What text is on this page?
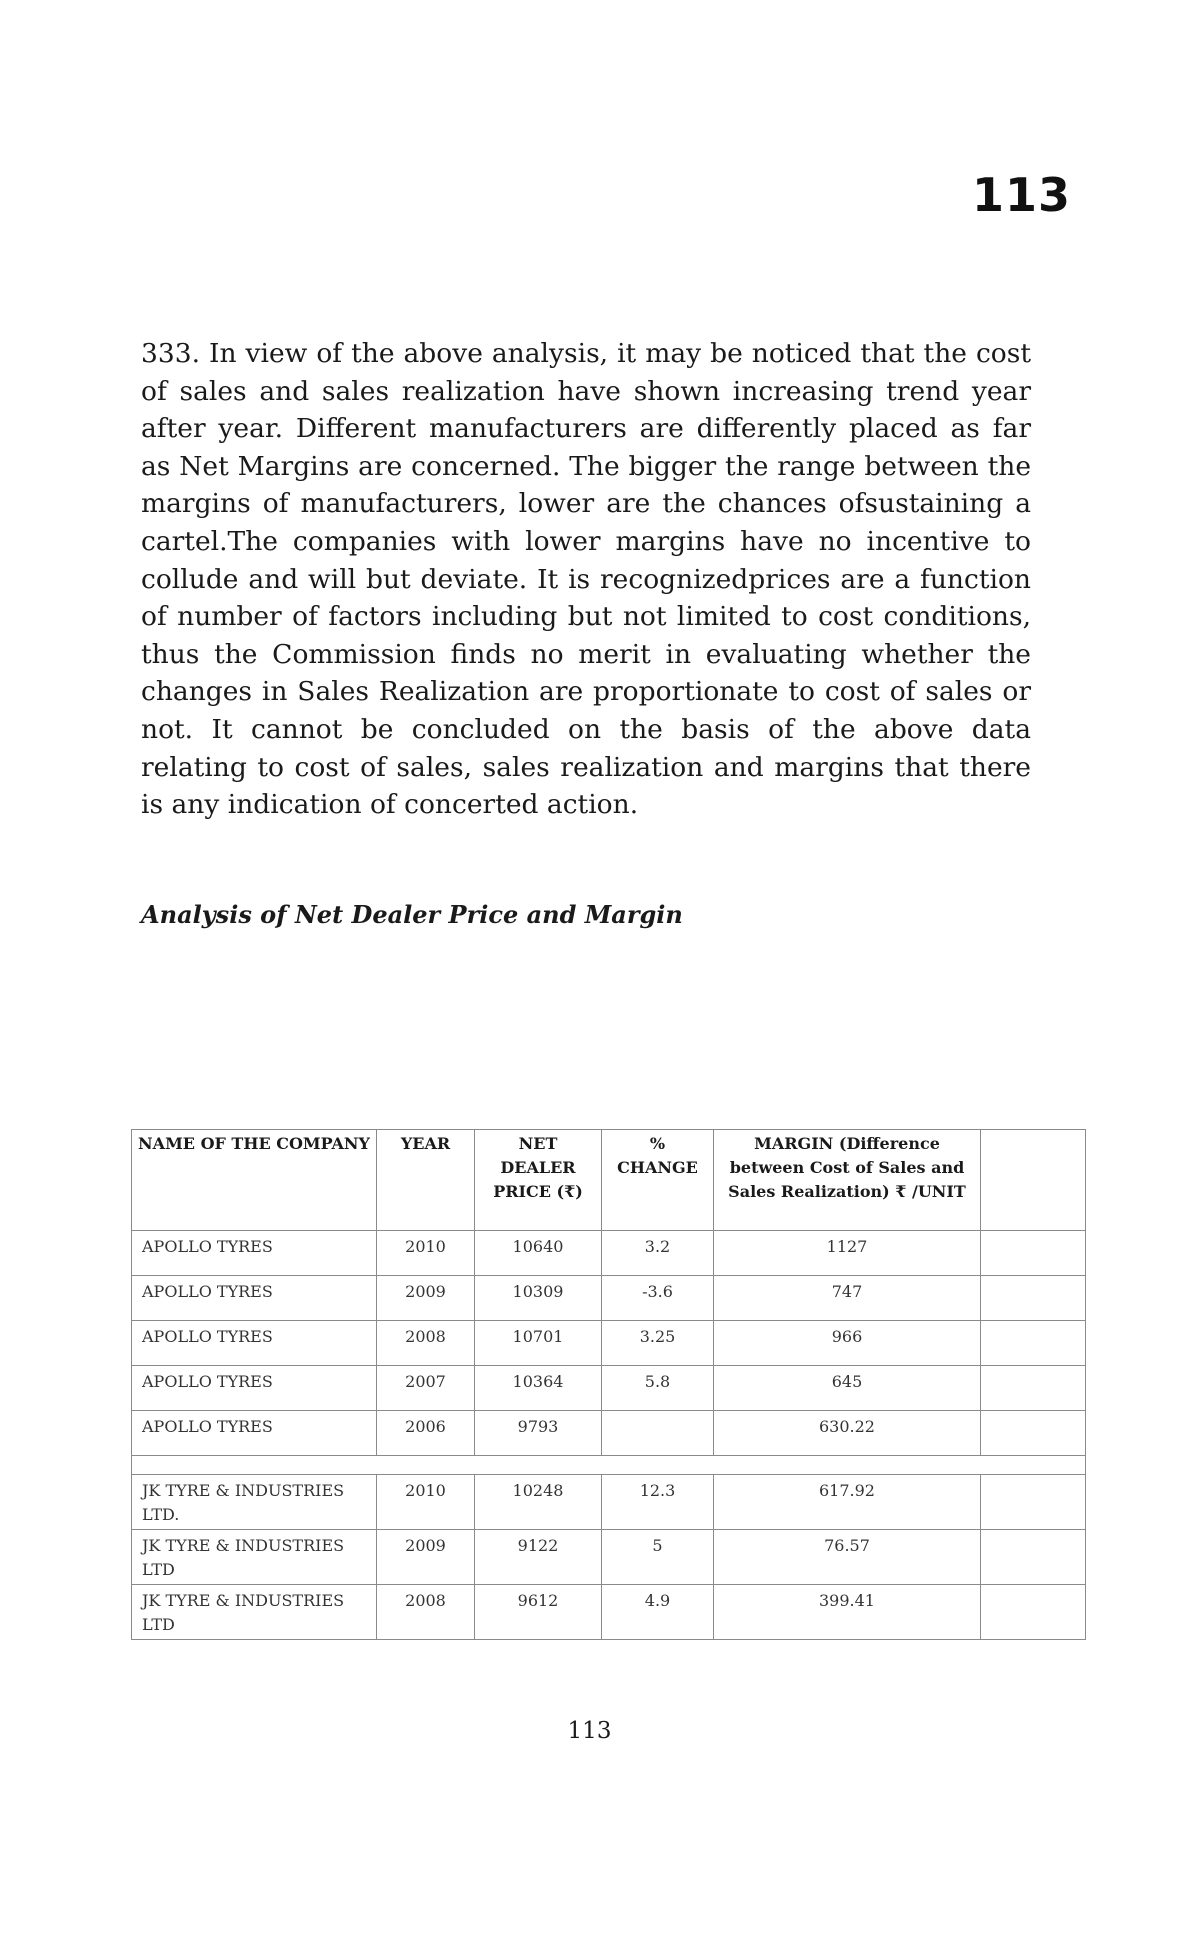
113

333. In view of the above analysis, it may be noticed that the cost of sales and sales realization have shown increasing trend year after year. Different manufacturers are differently placed as far as Net Margins are concerned. The bigger the range between the margins of manufacturers, lower are the chances ofsustaining a cartel.The companies with lower margins have no incentive to collude and will but deviate. It is recognizedprices are a function of number of factors including but not limited to cost conditions, thus the Commission finds no merit in evaluating whether the changes in Sales Realization are proportionate to cost of sales or not. It cannot be concluded on the basis of the above data relating to cost of sales, sales realization and margins that there is any indication of concerted action.

Analysis of Net Dealer Price and Margin
NAME OF THE COMPANY	YEAR	NET DEALER PRICE (₹)	% CHANGE	MARGIN (Difference between Cost of Sales and Sales Realization) ₹ /UNIT	
APOLLO TYRES	2010	10640	3.2	1127	
APOLLO TYRES	2009	10309	-3.6	747	
APOLLO TYRES	2008	10701	3.25	966	
APOLLO TYRES	2007	10364	5.8	645	
APOLLO TYRES	2006	9793		630.22	

JK TYRE & INDUSTRIES LTD.	2010	10248	12.3	617.92	
JK TYRE & INDUSTRIES LTD	2009	9122	5	76.57	
JK TYRE & INDUSTRIES LTD	2008	9612	4.9	399.41	
113
